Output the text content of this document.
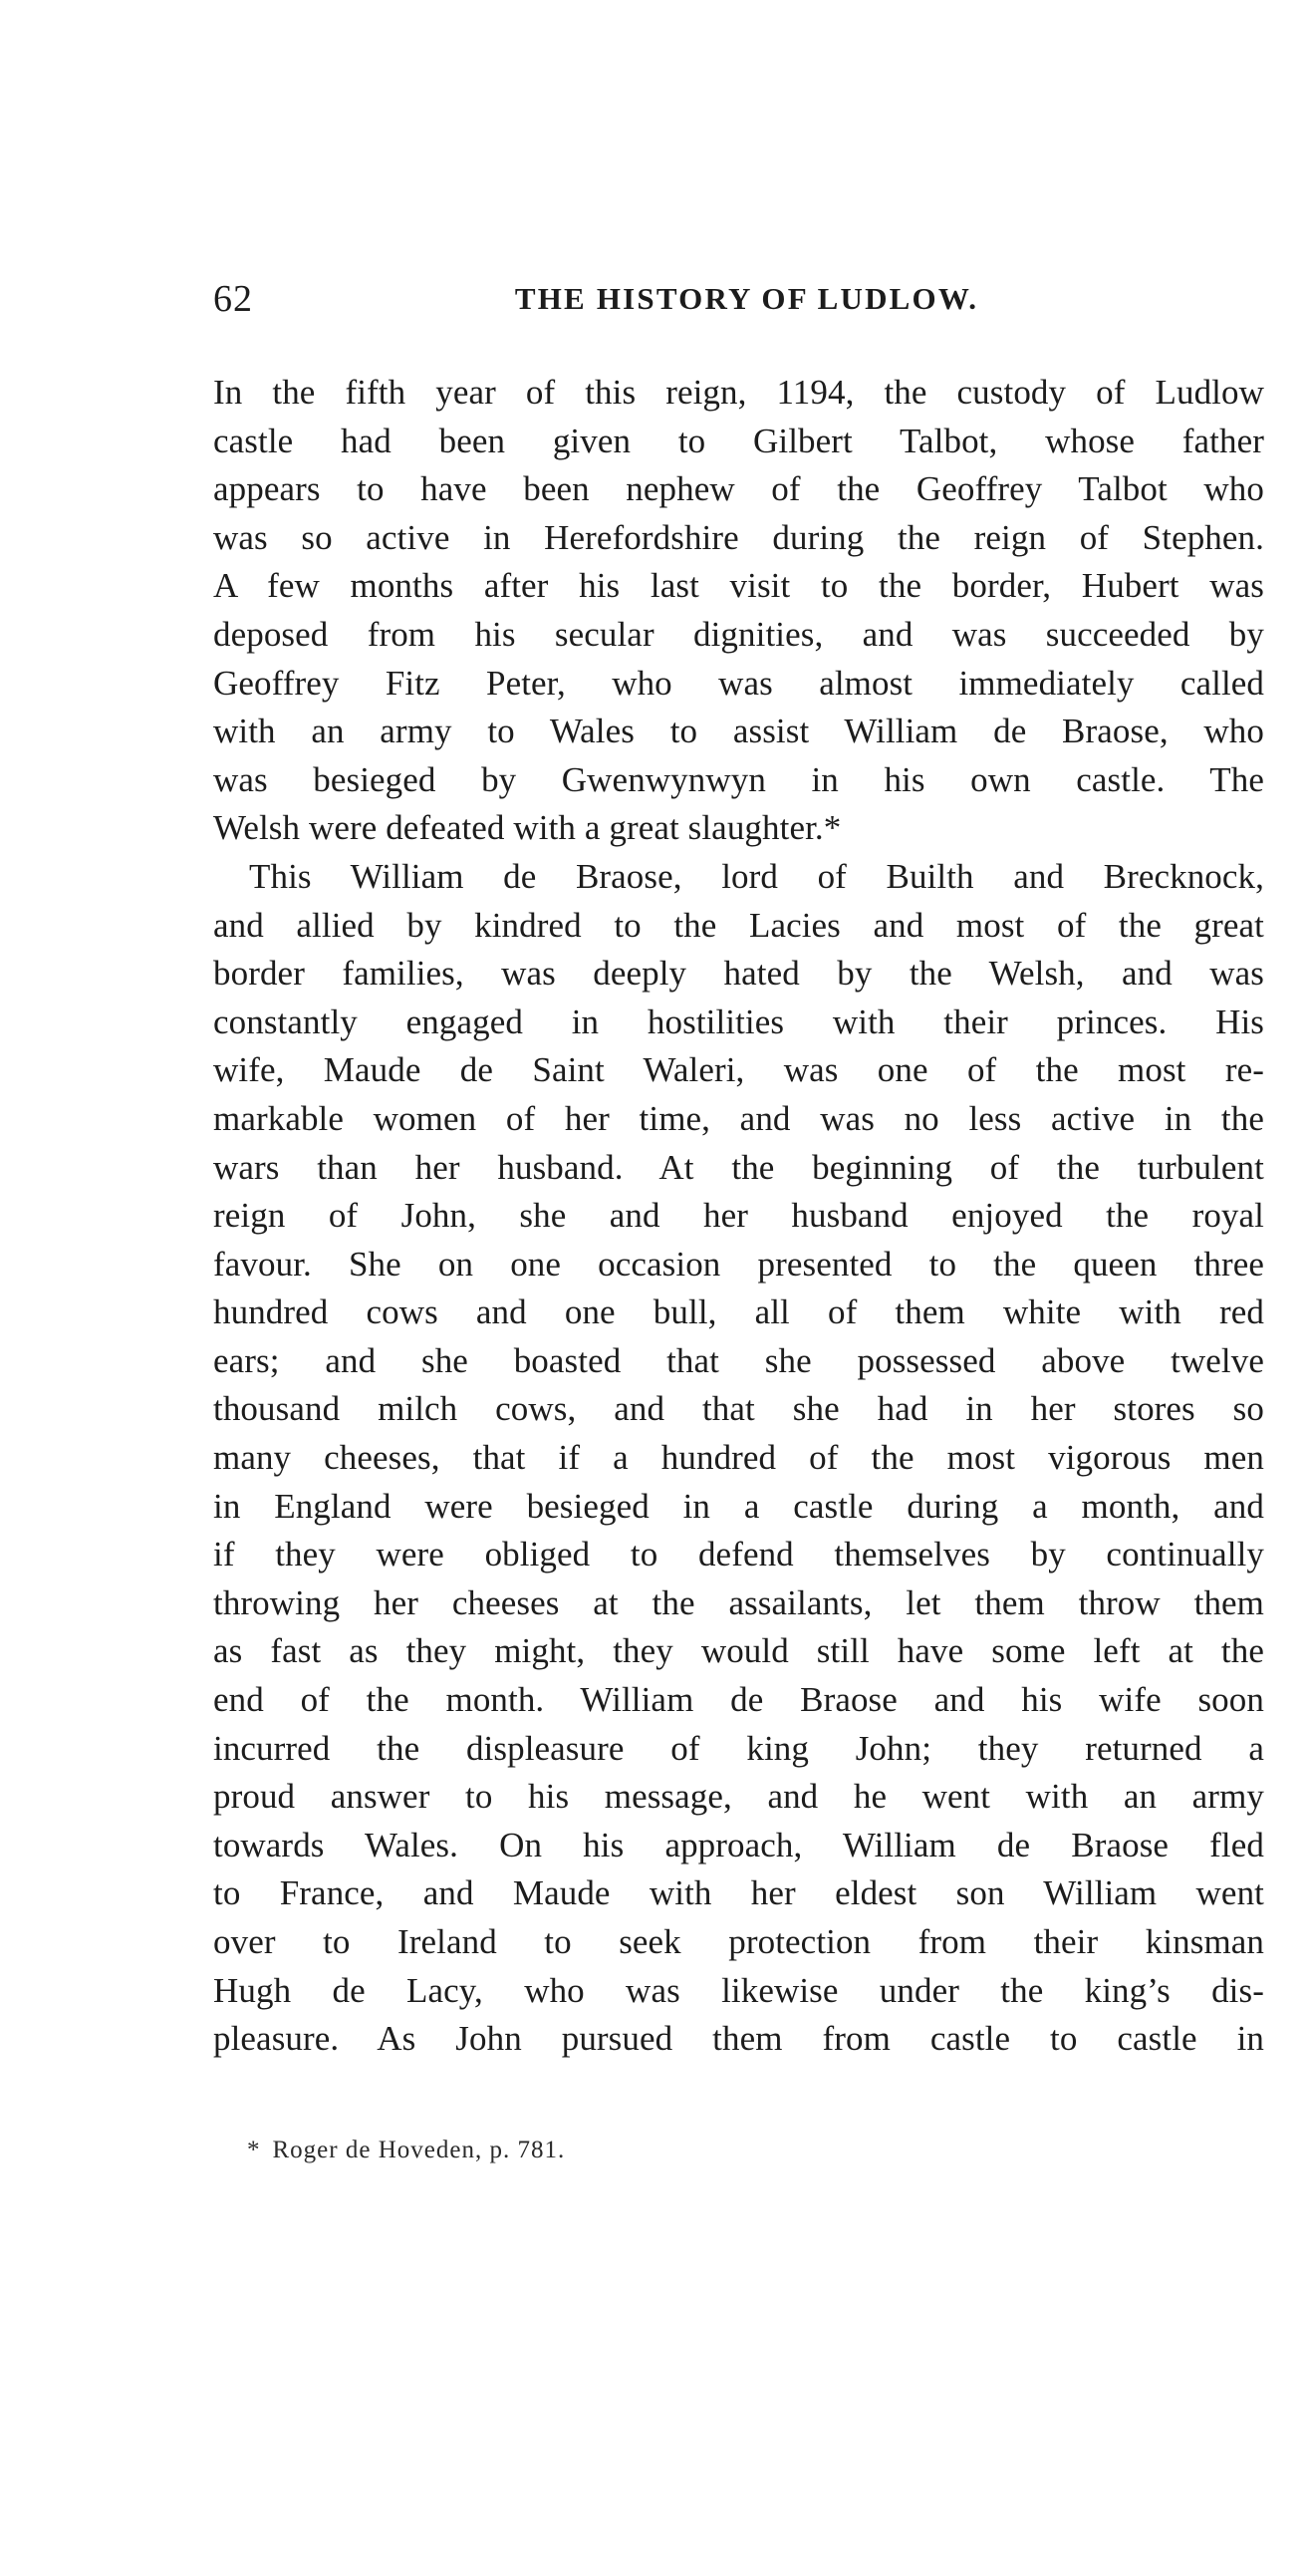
62	THE HISTORY OF LUDLOW.
In the fifth year of this reign, 1194, the custody of Ludlow
castle had been given to Gilbert Talbot, whose father
appears to have been nephew of the Geoffrey Talbot who
was so active in Herefordshire during the reign of Stephen.
A few months after his last visit to the border, Hubert was
deposed from his secular dignities, and was succeeded by
Geoffrey Fitz Peter, who was almost immediately called
with an army to Wales to assist William de Braose, who
was besieged by Gwenwynwyn in his own castle. The
Welsh were defeated with a great slaughter.*
This William de Braose, lord of Builth and Brecknock,
and allied by kindred to the Lacies and most of the great
border families, was deeply hated by the Welsh, and was
constantly engaged in hostilities with their princes. His
wife, Maude de Saint Waleri, was one of the most re-
markable women of her time, and was no less active in the
wars than her husband. At the beginning of the turbulent
reign of John, she and her husband enjoyed the royal
favour. She on one occasion presented to the queen three
hundred cows and one bull, all of them white with red
ears; and she boasted that she possessed above twelve
thousand milch cows, and that she had in her stores so
many cheeses, that if a hundred of the most vigorous men
in England were besieged in a castle during a month, and
if they were obliged to defend themselves by continually
throwing her cheeses at the assailants, let them throw them
as fast as they might, they would still have some left at the
end of the month. William de Braose and his wife soon
incurred the displeasure of king John; they returned a
proud answer to his message, and he went with an army
towards Wales. On his approach, William de Braose fled
to France, and Maude with her eldest son William went
over to Ireland to seek protection from their kinsman
Hugh de Lacy, who was likewise under the king’s dis-
pleasure. As John pursued them from castle to castle in
* Roger de Hoveden, p. 781.
